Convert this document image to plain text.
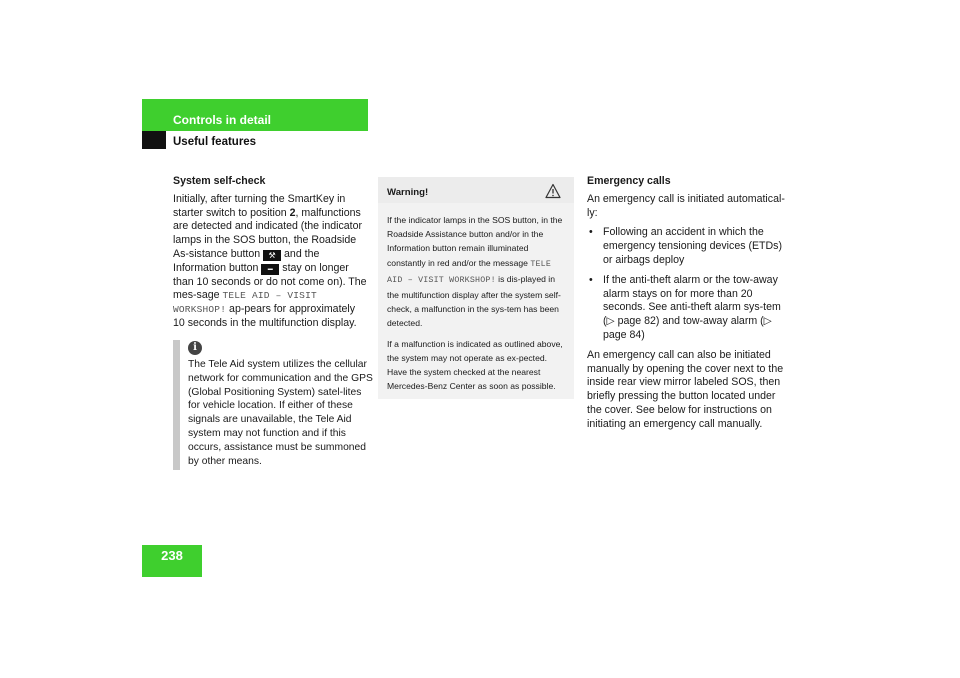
Controls in detail
Useful features
System self-check

Initially, after turning the SmartKey in starter switch to position 2, malfunctions are detected and indicated (the indicator lamps in the SOS button, the Roadside As-sistance button ⚒ and the Information button ━ stay on longer than 10 seconds or do not come on). The mes-sage TELE AID – VISIT WORKSHOP! ap-pears for approximately 10 seconds in the multifunction display.

i
The Tele Aid system utilizes the cellular network for communication and the GPS (Global Positioning System) satel-lites for vehicle location. If either of these signals are unavailable, the Tele Aid system may not function and if this occurs, assistance must be summoned by other means.
Warning!

If the indicator lamps in the SOS button, in the Roadside Assistance button and/or in the Information button remain illuminated constantly in red and/or the message TELE AID – VISIT WORKSHOP! is dis-played in the multifunction display after the system self-check, a malfunction in the sys-tem has been detected.

If a malfunction is indicated as outlined above, the system may not operate as ex-pected. Have the system checked at the nearest Mercedes-Benz Center as soon as possible.

Emergency calls

An emergency call is initiated automatical-ly:

• Following an accident in which the emergency tensioning devices (ETDs) or airbags deploy
• If the anti-theft alarm or the tow-away alarm stays on for more than 20 seconds. See anti-theft alarm sys-tem (▷ page 82) and tow-away alarm (▷ page 84)

An emergency call can also be initiated manually by opening the cover next to the inside rear view mirror labeled SOS, then briefly pressing the button located under the cover. See below for instructions on initiating an emergency call manually.

238
